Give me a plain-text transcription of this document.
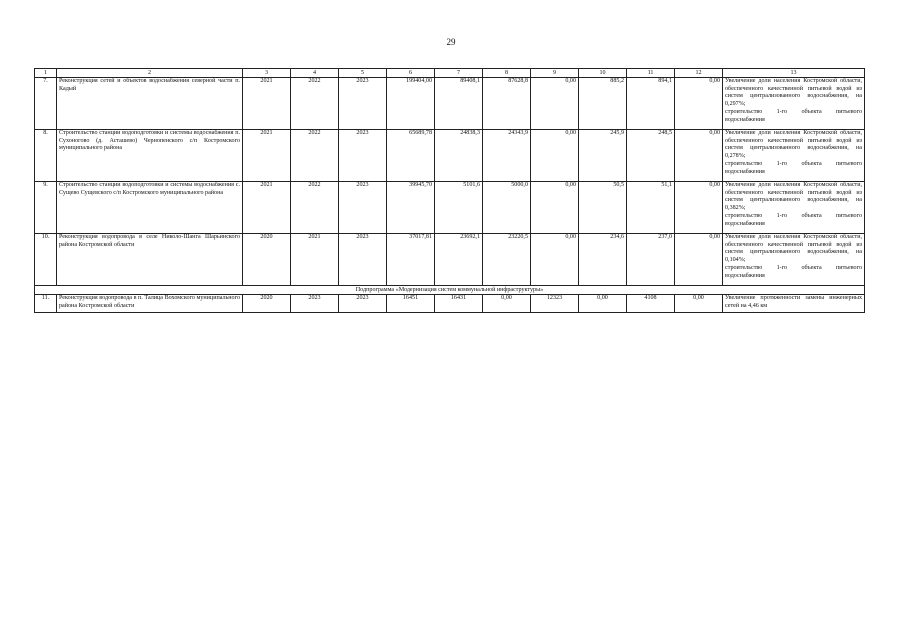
29
1	2	3	4	5	6	7	8	9	10	11	12	13
7.	Реконструкция сетей и объектов водоснабжения северной части п. Кадый	2021	2022	2023	199404,00	89408,1	87628,8	0,00	885,2	894,1	0,00	Увеличение доли населения Костромской области, обеспеченного качественной питьевой водой из систем централизованного водоснабжения, на 0,297%;
строительство 1-го объекта питьевого водоснабжения

8.	Строительство станции водоподготовки и системы водоснабжения п. Сухоногово (д. Асташево) Чернопенского с/п Костромского муниципального района	2021	2022	2023	65689,78	24838,3	24343,9	0,00	245,9	248,5	0,00	Увеличение доли населения Костромской области, обеспеченного качественной питьевой водой из систем централизованного водоснабжения, на 0,278%;
строительство 1-го объекта питьевого водоснабжения

9.	Строительство станции водоподготовки и системы водоснабжения с. Сущево Сущевского с/п Костромского муниципального района	2021	2022	2023	39945,70	5101,6	5000,0	0,00	50,5	51,1	0,00	Увеличение доли населения Костромской области, обеспеченного качественной питьевой водой из систем централизованного водоснабжения, на 0,382%;
строительство 1-го объекта питьевого водоснабжения

10.	Реконструкция водопровода в селе Николо-Шанга Шарьинского района Костромской области	2020	2021	2023	37017,81	23692,1	23220,5	0,00	234,6	237,0	0,00	Увеличение доли населения Костромской области, обеспеченного качественной питьевой водой из систем централизованного водоснабжения, на 0,104%;
строительство 1-го объекта питьевого водоснабжения

Подпрограмма «Модернизация систем коммунальной инфраструктуры»												
11.	Реконструкция водопровода в п. Талица Вохомского муниципального района Костромской области	2020	2023	2023	16451	16431	0,00	12323	0,00	4108	0,00	Увеличение протяженности замены инженерных сетей на 4,46 км
